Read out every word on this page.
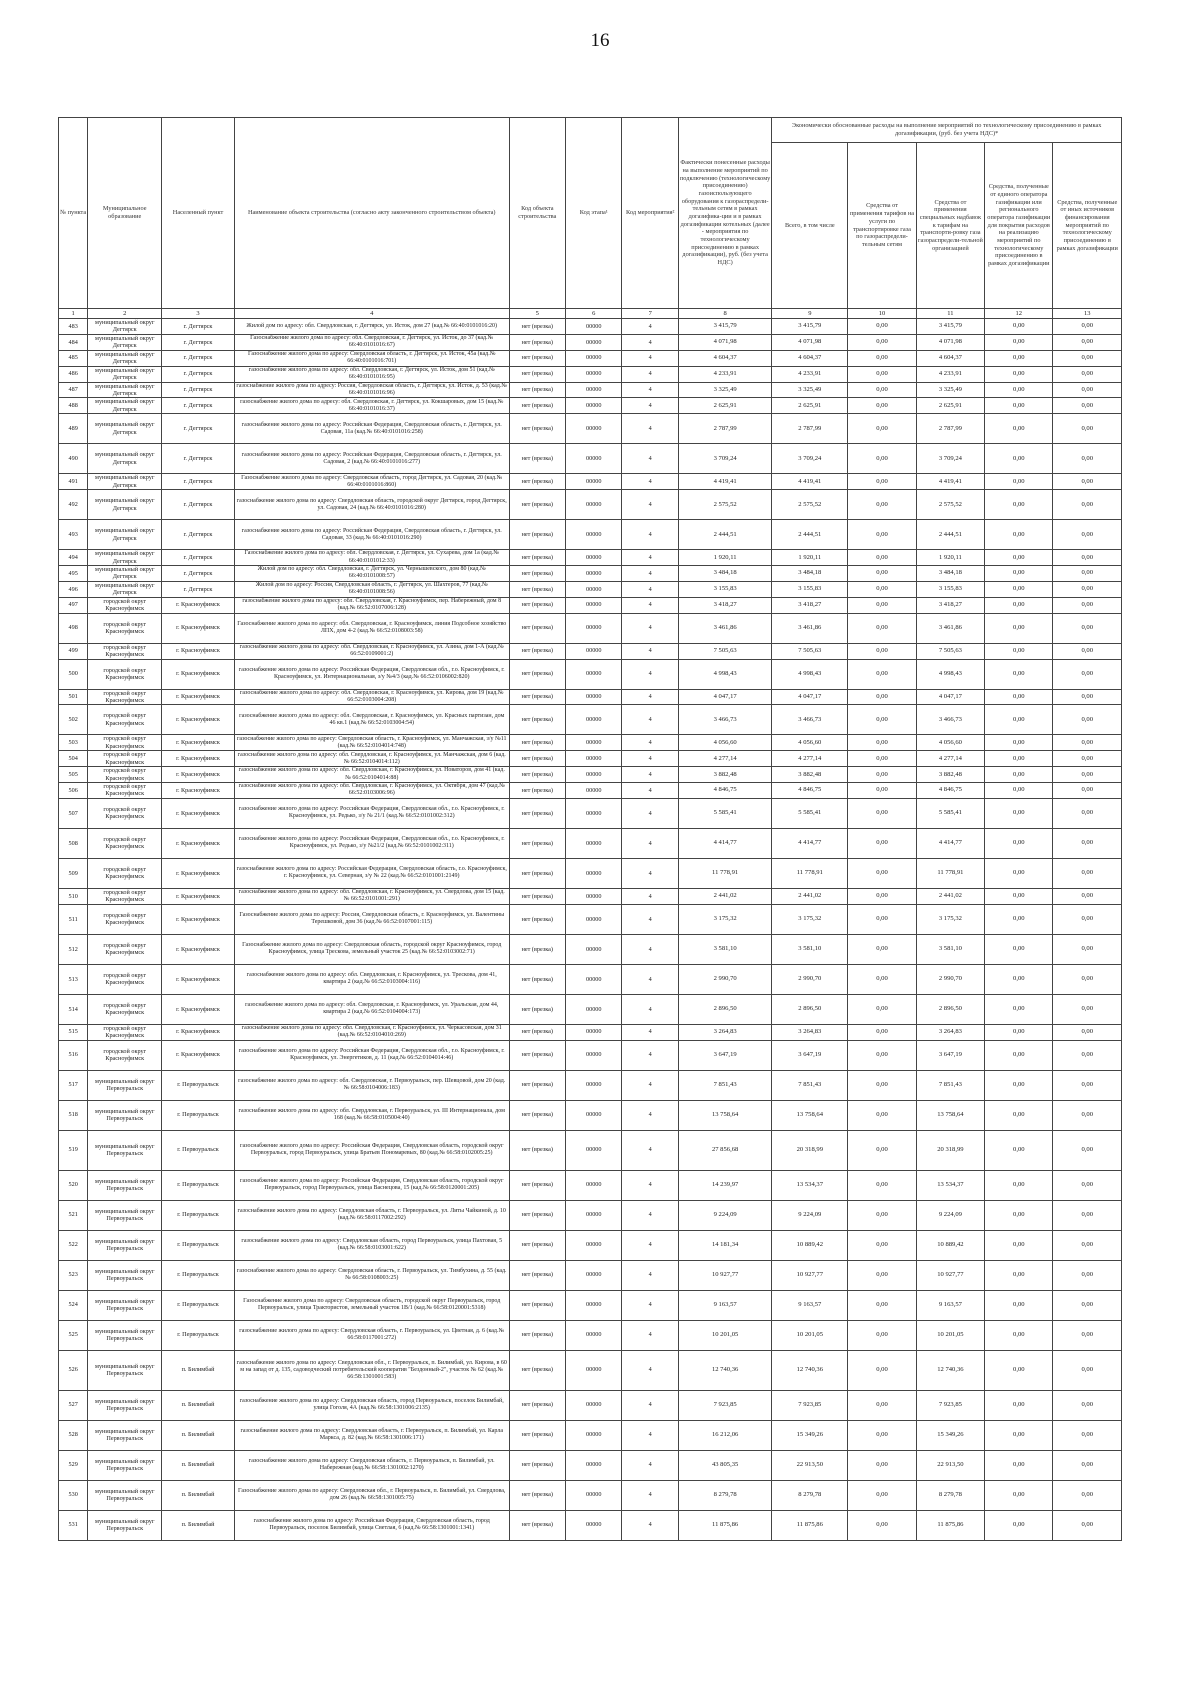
16
№ пункта	Муниципальное образование	Населенный пункт	Наименование объекта строительства (согласно акту законченного строительством объекта)	Код объекта строительства	Код этапа¹	Код мероприятия²	Фактически понесенные расходы на выполнение мероприятий по подключению (технологическому присоединению) газоиспользующего оборудования к газораспредели-тельным сетям в рамках догазифика-ции и в рамках догазификации котельных (далее - мероприятия по технологическому присоединению в рамках догазификации), руб. (без учета НДС)	Экономически обоснованные расходы на выполнение мероприятий по технологическому присоединению в рамках догазификации, (руб. без учета НДС)*				
								Всего, в том числе	Средства от применения тарифов на услуги по транспортировке газа по газораспредели-тельным сетям	Средства от применения специальных надбавок к тарифам на транспорти-ровку газа газораспредели-тельной организацией	Средства, полученные от единого оператора газификации или регионального оператора газификации для покрытия расходов на реализацию мероприятий по технологическому присоединению в рамках догазификации	Средства, полученные от иных источников финансирования мероприятий по технологическому присоединению в рамках догазификации
1	2	3	4	5	6	7	8	9	10	11	12	13
483	муниципальный округ Дегтярск	г. Дегтярск	Жилой дом по адресу: обл. Свердловская, г. Дегтярск, ул. Исток, дом 27 (кад.№ 66:40:0101016:20)	нет (врезка)	00000	4	3 415,79	3 415,79	0,00	3 415,79	0,00	0,00
484	муниципальный округ Дегтярск	г. Дегтярск	Газоснабжение жилого дома по адресу: обл. Свердловская, г. Дегтярск, ул. Исток, до 37 (кад.№ 66:40:0101016:67)	нет (врезка)	00000	4	4 071,98	4 071,98	0,00	4 071,98	0,00	0,00
485	муниципальный округ Дегтярск	г. Дегтярск	Газоснабжение жилого дома по адресу: Свердловская область, г. Дегтярск, ул. Исток, 45а (кад.№ 66:40:0101016:701)	нет (врезка)	00000	4	4 604,37	4 604,37	0,00	4 604,37	0,00	0,00
486	муниципальный округ Дегтярск	г. Дегтярск	газоснабжение жилого дома по адресу: обл. Свердловская, г. Дегтярск, ул. Исток, дом 51 (кад.№ 66:40:0101016:95)	нет (врезка)	00000	4	4 233,91	4 233,91	0,00	4 233,91	0,00	0,00
487	муниципальный округ Дегтярск	г. Дегтярск	газоснабжение жилого дома по адресу: Россия, Свердловская область, г. Дегтярск, ул. Исток, д. 53 (кад.№ 66:40:0101016:96)	нет (врезка)	00000	4	3 325,49	3 325,49	0,00	3 325,49	0,00	0,00
488	муниципальный округ Дегтярск	г. Дегтярск	газоснабжение жилого дома по адресу: обл. Свердловская, г. Дегтярск, ул. Кокшаровых, дом 15 (кад.№ 66:40:0101016:37)	нет (врезка)	00000	4	2 625,91	2 625,91	0,00	2 625,91	0,00	0,00
489	муниципальный округ Дегтярск	г. Дегтярск	газоснабжение жилого дома по адресу: Российская Федерация, Свердловская область, г. Дегтярск, ул. Садовая, 11а (кад.№ 66:40:0101016:258)	нет (врезка)	00000	4	2 787,99	2 787,99	0,00	2 787,99	0,00	0,00
490	муниципальный округ Дегтярск	г. Дегтярск	газоснабжение жилого дома по адресу: Российская Федерация, Свердловская область, г. Дегтярск, ул. Садовая, 2 (кад.№ 66:40:0101016:277)	нет (врезка)	00000	4	3 709,24	3 709,24	0,00	3 709,24	0,00	0,00
491	муниципальный округ Дегтярск	г. Дегтярск	Газоснабжение жилого дома по адресу: Свердловская область, город Дегтярск, ул. Садовая, 20 (кад.№ 66:40:0101016:860)	нет (врезка)	00000	4	4 419,41	4 419,41	0,00	4 419,41	0,00	0,00
492	муниципальный округ Дегтярск	г. Дегтярск	газоснабжение жилого дома по адресу: Свердловская область, городской округ Дегтярск, город Дегтярск, ул. Садовая, 24 (кад.№ 66:40:0101016:280)	нет (врезка)	00000	4	2 575,52	2 575,52	0,00	2 575,52	0,00	0,00
493	муниципальный округ Дегтярск	г. Дегтярск	газоснабжение жилого дома по адресу: Российская Федерация, Свердловская область, г. Дегтярск, ул. Садовая, 33 (кад.№ 66:40:0101016:290)	нет (врезка)	00000	4	2 444,51	2 444,51	0,00	2 444,51	0,00	0,00
494	муниципальный округ Дегтярск	г. Дегтярск	Газоснабжение жилого дома по адресу: обл. Свердловская, г. Дегтярск, ул. Сухарева, дом 1а (кад.№ 66:40:0101012:33)	нет (врезка)	00000	4	1 920,11	1 920,11	0,00	1 920,11	0,00	0,00
495	муниципальный округ Дегтярск	г. Дегтярск	Жилой дом по адресу: обл. Свердловская, г. Дегтярск, ул. Чернышевского, дом 80 (кад.№ 66:40:0101008:57)	нет (врезка)	00000	4	3 484,18	3 484,18	0,00	3 484,18	0,00	0,00
496	муниципальный округ Дегтярск	г. Дегтярск	Жилой дом по адресу: Россия, Свердловская область, г. Дегтярск, ул. Шахтеров, 77 (кад.№ 66:40:0101008:56)	нет (врезка)	00000	4	3 155,83	3 155,83	0,00	3 155,83	0,00	0,00
497	городской округ Красноуфимск	г. Красноуфимск	газоснабжение жилого дома по адресу: обл. Свердловская, г. Красноуфимск, пер. Набережный, дом 8 (кад.№ 66:52:0107006:128)	нет (врезка)	00000	4	3 418,27	3 418,27	0,00	3 418,27	0,00	0,00
498	городской округ Красноуфимск	г. Красноуфимск	Газоснабжение жилого дома по адресу: обл. Свердловская, г. Красноуфимск, линия Подсобное хозяйство ЛПХ, дом 4-2 (кад.№ 66:52:0108003:58)	нет (врезка)	00000	4	3 461,86	3 461,86	0,00	3 461,86	0,00	0,00
499	городской округ Красноуфимск	г. Красноуфимск	газоснабжение жилого дома по адресу: обл. Свердловская, г. Красноуфимск, ул. Азина, дом 1-А (кад.№ 66:52:0109001:2)	нет (врезка)	00000	4	7 505,63	7 505,63	0,00	7 505,63	0,00	0,00
500	городской округ Красноуфимск	г. Красноуфимск	газоснабжение жилого дома по адресу: Российская Федерация, Свердловская обл., г.о. Красноуфимск, г. Красноуфимск, ул. Интернациональная, з/у №4/3 (кад.№ 66:52:0106002:820)	нет (врезка)	00000	4	4 998,43	4 998,43	0,00	4 998,43	0,00	0,00
501	городской округ Красноуфимск	г. Красноуфимск	газоснабжение жилого дома по адресу: обл. Свердловская, г. Красноуфимск, ул. Кирова, дом 19 (кад.№ 66:52:0103004:208)	нет (врезка)	00000	4	4 047,17	4 047,17	0,00	4 047,17	0,00	0,00
502	городской округ Красноуфимск	г. Красноуфимск	газоснабжение жилого дома по адресу: обл. Свердловская, г. Красноуфимск, ул. Красных партизан, дом 46 кв.1 (кад.№ 66:52:0103004:54)	нет (врезка)	00000	4	3 466,73	3 466,73	0,00	3 466,73	0,00	0,00
503	городской округ Красноуфимск	г. Красноуфимск	газоснабжение жилого дома по адресу: Свердловская область, г. Красноуфимск, ул. Манчажская, з/у №11 (кад.№ 66:52:0104014:748)	нет (врезка)	00000	4	4 056,60	4 056,60	0,00	4 056,60	0,00	0,00
504	городской округ Красноуфимск	г. Красноуфимск	газоснабжение жилого дома по адресу: обл. Свердловская, г. Красноуфимск, ул. Манчажская, дом 6 (кад.№ 66:52:0104014:112)	нет (врезка)	00000	4	4 277,14	4 277,14	0,00	4 277,14	0,00	0,00
505	городской округ Красноуфимск	г. Красноуфимск	газоснабжение жилого дома по адресу: обл. Свердловская, г. Красноуфимск, ул. Новаторов, дом 41 (кад.№ 66:52:0104014:88)	нет (врезка)	00000	4	3 882,48	3 882,48	0,00	3 882,48	0,00	0,00
506	городской округ Красноуфимск	г. Красноуфимск	газоснабжение жилого дома по адресу: обл. Свердловская, г. Красноуфимск, ул. Октября, дом 47 (кад.№ 66:52:0103006:96)	нет (врезка)	00000	4	4 846,75	4 846,75	0,00	4 846,75	0,00	0,00
507	городской округ Красноуфимск	г. Красноуфимск	газоснабжение жилого дома по адресу: Российская Федерация, Свердловская обл., г.о. Красноуфимск, г. Красноуфимск, ул. Редько, з/у № 21/1 (кад.№ 66:52:0101002:312)	нет (врезка)	00000	4	5 585,41	5 585,41	0,00	5 585,41	0,00	0,00
508	городской округ Красноуфимск	г. Красноуфимск	газоснабжение жилого дома по адресу: Российская Федерация, Свердловская обл., г.о. Красноуфимск, г. Красноуфимск, ул. Редько, з/у №21/2 (кад.№ 66:52:0101002:311)	нет (врезка)	00000	4	4 414,77	4 414,77	0,00	4 414,77	0,00	0,00
509	городской округ Красноуфимск	г. Красноуфимск	газоснабжение жилого дома по адресу: Российская Федерация, Свердловская область, г.о. Красноуфимск, г. Красноуфимск, ул. Северная, з/у № 22 (кад.№ 66:52:0101001:2149)	нет (врезка)	00000	4	11 778,91	11 778,91	0,00	11 778,91	0,00	0,00
510	городской округ Красноуфимск	г. Красноуфимск	газоснабжение жилого дома по адресу: обл. Свердловская, г. Красноуфимск, ул. Свердлова, дом 15 (кад.№ 66:52:0101001:291)	нет (врезка)	00000	4	2 441,02	2 441,02	0,00	2 441,02	0,00	0,00
511	городской округ Красноуфимск	г. Красноуфимск	Газоснабжение жилого дома по адресу: Россия, Свердловская область, г. Красноуфимск, ул. Валентины Терешковой, дом 36 (кад.№ 66:52:0107001:115)	нет (врезка)	00000	4	3 175,32	3 175,32	0,00	3 175,32	0,00	0,00
512	городской округ Красноуфимск	г. Красноуфимск	Газоснабжение жилого дома по адресу: Свердловская область, городской округ Красноуфимск, город Красноуфимск, улица Трескова, земельный участок 25 (кад.№ 66:52:0103002:71)	нет (врезка)	00000	4	3 581,10	3 581,10	0,00	3 581,10	0,00	0,00
513	городской округ Красноуфимск	г. Красноуфимск	газоснабжение жилого дома по адресу: обл. Свердловская, г. Красноуфимск, ул. Трескова, дом 41, квартира 2 (кад.№ 66:52:0103004:116)	нет (врезка)	00000	4	2 990,70	2 990,70	0,00	2 990,70	0,00	0,00
514	городской округ Красноуфимск	г. Красноуфимск	газоснабжение жилого дома по адресу: обл. Свердловская, г. Красноуфимск, ул. Уральская, дом 44, квартира 2 (кад.№ 66:52:0104004:173)	нет (врезка)	00000	4	2 896,50	2 896,50	0,00	2 896,50	0,00	0,00
515	городской округ Красноуфимск	г. Красноуфимск	газоснабжение жилого дома по адресу: обл. Свердловская, г. Красноуфимск, ул. Черкасовская, дом 31 (кад.№ 66:52:0104010:269)	нет (врезка)	00000	4	3 264,83	3 264,83	0,00	3 264,83	0,00	0,00
516	городской округ Красноуфимск	г. Красноуфимск	газоснабжение жилого дома по адресу: Российская Федерация, Свердловская обл., г.о. Красноуфимск, г. Красноуфимск, ул. Энергетиков, д. 11 (кад.№ 66:52:0104014:46)	нет (врезка)	00000	4	3 647,19	3 647,19	0,00	3 647,19	0,00	0,00
517	муниципальный округ Первоуральск	г. Первоуральск	газоснабжение жилого дома по адресу: обл. Свердловская, г. Первоуральск, пер. Шевцовой, дом 20 (кад.№ 66:58:0104006:183)	нет (врезка)	00000	4	7 851,43	7 851,43	0,00	7 851,43	0,00	0,00
518	муниципальный округ Первоуральск	г. Первоуральск	газоснабжение жилого дома по адресу: обл. Свердловская, г. Первоуральск, ул. III Интернационала, дом 168 (кад.№ 66:58:0105004:40)	нет (врезка)	00000	4	13 758,64	13 758,64	0,00	13 758,64	0,00	0,00
519	муниципальный округ Первоуральск	г. Первоуральск	газоснабжение жилого дома по адресу: Российская Федерация, Свердловская область, городской округ Первоуральск, город Первоуральск, улица Братьев Пономаревых, 80 (кад.№ 66:58:0102005:25)	нет (врезка)	00000	4	27 856,68	20 318,99	0,00	20 318,99	0,00	0,00
520	муниципальный округ Первоуральск	г. Первоуральск	газоснабжение жилого дома по адресу: Российская Федерация, Свердловская область, городской округ Первоуральск, город Первоуральск, улица Васнецова, 15 (кад.№ 66:58:0120001:205)	нет (врезка)	00000	4	14 239,97	13 534,37	0,00	13 534,37	0,00	0,00
521	муниципальный округ Первоуральск	г. Первоуральск	газоснабжение жилого дома по адресу: Свердловская область, г. Первоуральск, ул. Литы Чайкиной, д. 10 (кад.№ 66:58:0117002:292)	нет (врезка)	00000	4	9 224,09	9 224,09	0,00	9 224,09	0,00	0,00
522	муниципальный округ Первоуральск	г. Первоуральск	газоснабжение жилого дома по адресу: Свердловская область, город Первоуральск, улица Пахтовая, 5 (кад.№ 66:58:0103001:622)	нет (врезка)	00000	4	14 181,34	10 889,42	0,00	10 889,42	0,00	0,00
523	муниципальный округ Первоуральск	г. Первоуральск	газоснабжение жилого дома по адресу: Свердловская область, г. Первоуральск, ул. Тимбухина, д. 55 (кад.№ 66:58:0108003:25)	нет (врезка)	00000	4	10 927,77	10 927,77	0,00	10 927,77	0,00	0,00
524	муниципальный округ Первоуральск	г. Первоуральск	Газоснабжение жилого дома по адресу: Свердловская область, городской округ Первоуральск, город Первоуральск, улица Трактористов, земельный участок 1В/1 (кад.№ 66:58:0120001:5318)	нет (врезка)	00000	4	9 163,57	9 163,57	0,00	9 163,57	0,00	0,00
525	муниципальный округ Первоуральск	г. Первоуральск	газоснабжение жилого дома по адресу: Свердловская область, г. Первоуральск, ул. Цветная, д. 6 (кад.№ 66:58:0117001:272)	нет (врезка)	00000	4	10 201,05	10 201,05	0,00	10 201,05	0,00	0,00
526	муниципальный округ Первоуральск	п. Билимбай	газоснабжение жилого дома по адресу: Свердловская обл., г. Первоуральск, п. Билимбай, ул. Кирова, в 60 м на запад от д. 135, садоводческий потребительский кооператив "Бездонный-2", участок № 62 (кад.№ 66:58:1301001:583)	нет (врезка)	00000	4	12 740,36	12 740,36	0,00	12 740,36	0,00	0,00
527	муниципальный округ Первоуральск	п. Билимбай	газоснабжение жилого дома по адресу: Свердловская область, город Первоуральск, поселок Билимбай, улица Гоголя, 4А (кад.№ 66:58:1301006:2135)	нет (врезка)	00000	4	7 923,85	7 923,85	0,00	7 923,85	0,00	0,00
528	муниципальный округ Первоуральск	п. Билимбай	газоснабжение жилого дома по адресу: Свердловская область, г. Первоуральск, п. Билимбай, ул. Карла Маркса, д. 82 (кад.№ 66:58:1301006:171)	нет (врезка)	00000	4	16 212,06	15 349,26	0,00	15 349,26	0,00	0,00
529	муниципальный округ Первоуральск	п. Билимбай	газоснабжение жилого дома по адресу: Свердловская область, г. Первоуральск, п. Билимбай, ул. Набережная (кад.№ 66:58:1301002:1270)	нет (врезка)	00000	4	43 805,35	22 913,50	0,00	22 913,50	0,00	0,00
530	муниципальный округ Первоуральск	п. Билимбай	Газоснабжение жилого дома по адресу: Свердловская обл., г. Первоуральск, п. Билимбай, ул. Свердлова, дом 26 (кад.№ 66:58:1301005:75)	нет (врезка)	00000	4	8 279,78	8 279,78	0,00	8 279,78	0,00	0,00
531	муниципальный округ Первоуральск	п. Билимбай	газоснабжение жилого дома по адресу: Российская Федерация, Свердловская область, город Первоуральск, поселок Билимбай, улица Светлая, 6 (кад.№ 66:58:1301001:1341)	нет (врезка)	00000	4	11 875,86	11 875,86	0,00	11 875,86	0,00	0,00
